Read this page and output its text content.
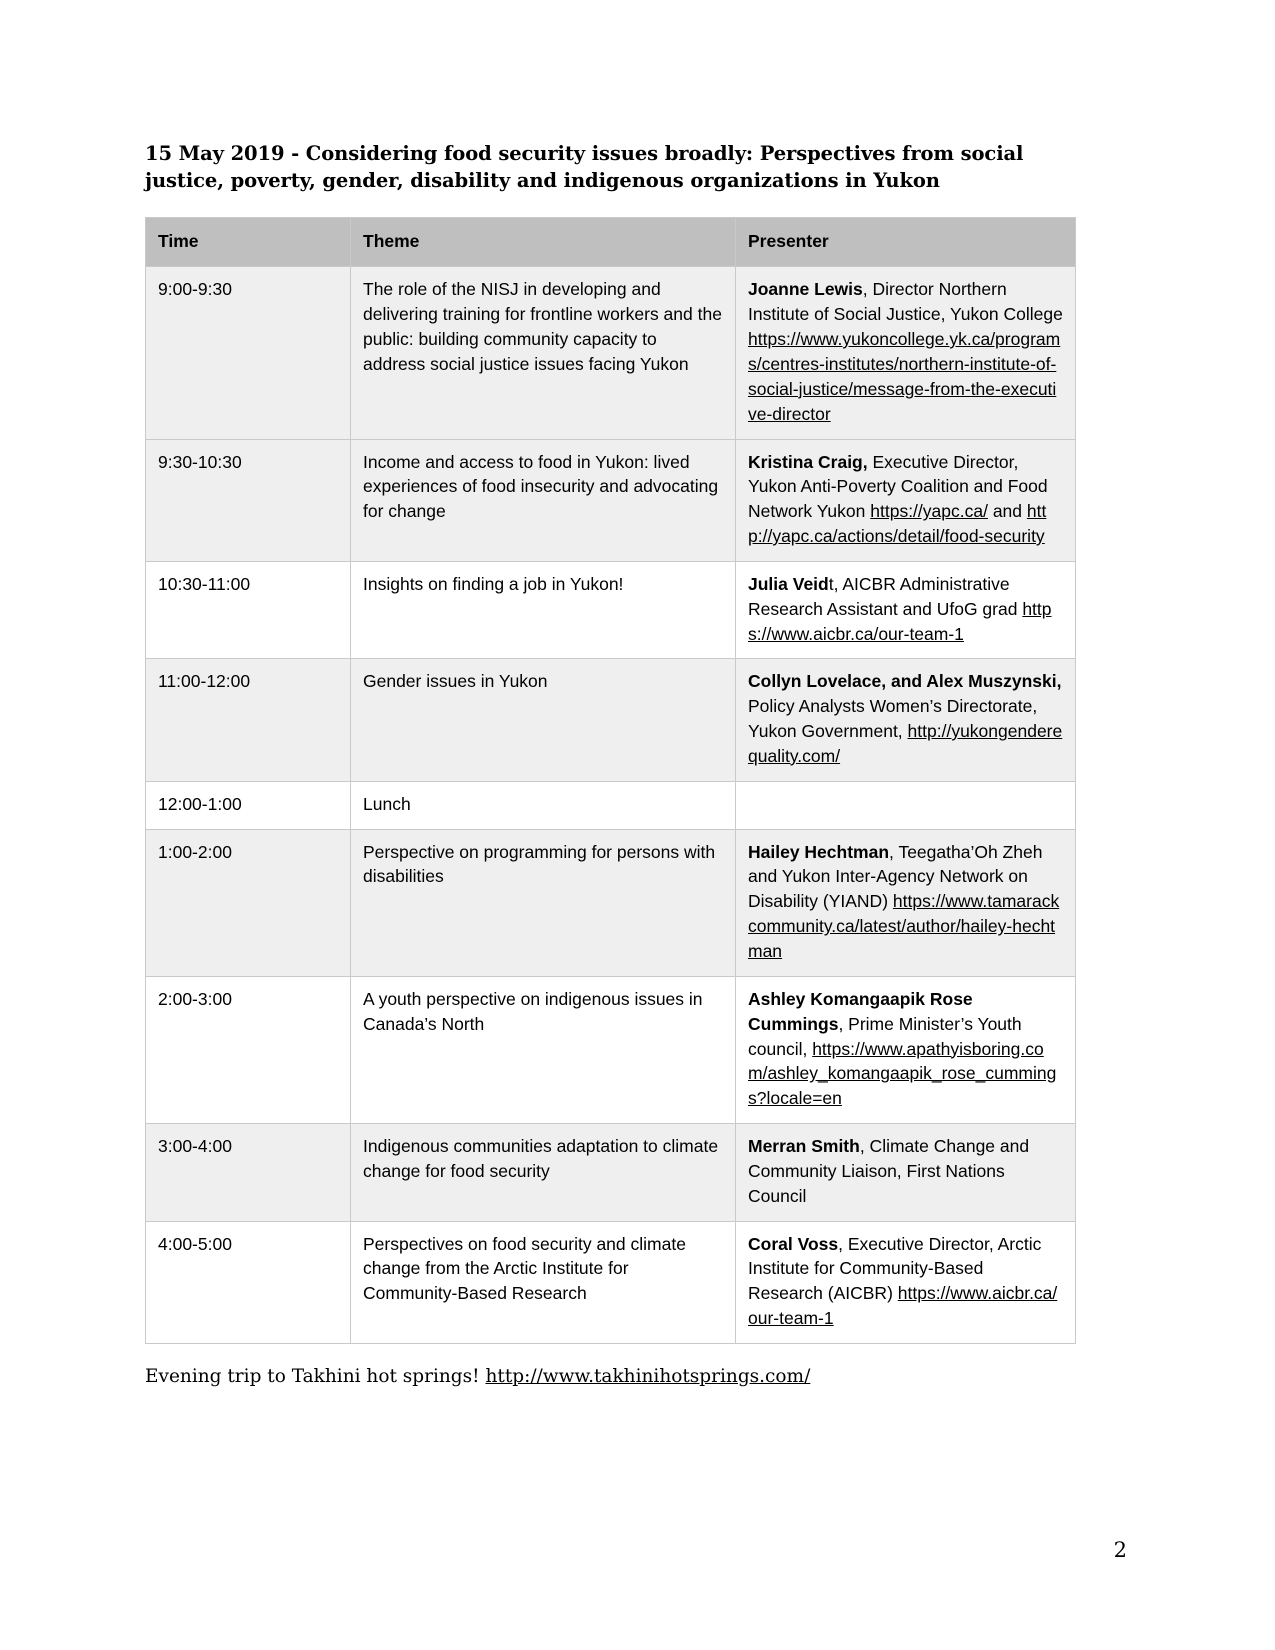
15 May 2019 - Considering food security issues broadly: Perspectives from social justice, poverty, gender, disability and indigenous organizations in Yukon
Time	Theme	Presenter
9:00-9:30	The role of the NISJ in developing and delivering training for frontline workers and the public: building community capacity to address social justice issues facing Yukon	Joanne Lewis, Director Northern Institute of Social Justice, Yukon College https://www.yukoncollege.yk.ca/programs/centres-institutes/northern-institute-of-social-justice/message-from-the-executive-director
9:30-10:30	Income and access to food in Yukon: lived experiences of food insecurity and advocating for change	Kristina Craig, Executive Director, Yukon Anti-Poverty Coalition and Food Network Yukon https://yapc.ca/ and http://yapc.ca/actions/detail/food-security
10:30-11:00	Insights on finding a job in Yukon!	Julia Veidt, AICBR Administrative Research Assistant and UfoG grad https://www.aicbr.ca/our-team-1
11:00-12:00	Gender issues in Yukon	Collyn Lovelace, and Alex Muszynski, Policy Analysts Women’s Directorate, Yukon Government, http://yukongenderequality.com/
12:00-1:00	Lunch	
1:00-2:00	Perspective on programming for persons with disabilities	Hailey Hechtman, Teegatha’Oh Zheh and Yukon Inter-Agency Network on Disability (YIAND) https://www.tamarackcommunity.ca/latest/author/hailey-hechtman
2:00-3:00	A youth perspective on indigenous issues in Canada’s North	Ashley Komangaapik Rose Cummings, Prime Minister’s Youth council, https://www.apathyisboring.com/ashley_komangaapik_rose_cummings?locale=en
3:00-4:00	Indigenous communities adaptation to climate change for food security	Merran Smith, Climate Change and Community Liaison, First Nations Council
4:00-5:00	Perspectives on food security and climate change from the Arctic Institute for Community-Based Research	Coral Voss, Executive Director, Arctic Institute for Community-Based Research (AICBR) https://www.aicbr.ca/our-team-1

Evening trip to Takhini hot springs! http://www.takhinihotsprings.com/

2
